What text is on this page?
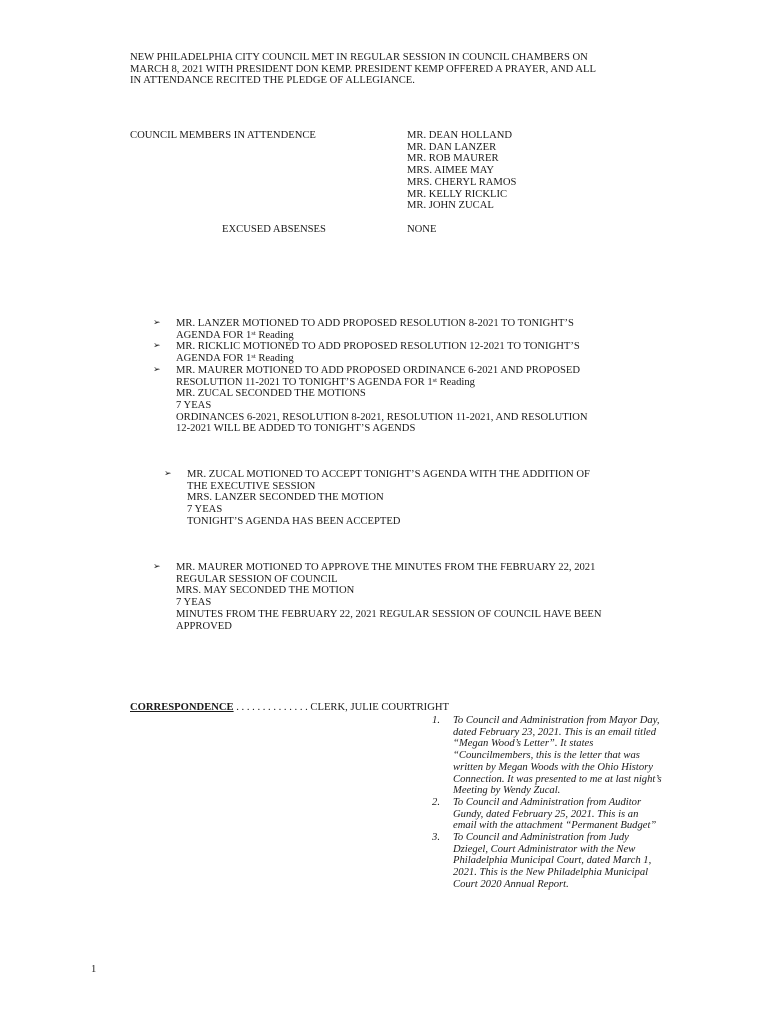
NEW PHILADELPHIA CITY COUNCIL MET IN REGULAR SESSION IN COUNCIL CHAMBERS ON
MARCH 8, 2021 WITH PRESIDENT DON KEMP. PRESIDENT KEMP OFFERED A PRAYER, AND ALL
IN ATTENDANCE RECITED THE PLEDGE OF ALLEGIANCE.
COUNCIL MEMBERS IN ATTENDENCE	MR. DEAN HOLLAND
MR. DAN LANZER
MR. ROB MAURER
MRS. AIMEE MAY
MRS. CHERYL RAMOS
MR. KELLY RICKLIC
MR. JOHN ZUCAL
EXCUSED ABSENSES	NONE
➢
➢
➢
MR. LANZER MOTIONED TO ADD PROPOSED RESOLUTION 8-2021 TO TONIGHT’S
AGENDA FOR 1st Reading
MR. RICKLIC MOTIONED TO ADD PROPOSED RESOLUTION 12-2021 TO TONIGHT’S
AGENDA FOR 1st Reading
MR. MAURER MOTIONED TO ADD PROPOSED ORDINANCE 6-2021 AND PROPOSED
RESOLUTION 11-2021 TO TONIGHT’S AGENDA FOR 1st Reading
MR. ZUCAL SECONDED THE MOTIONS
7 YEAS
ORDINANCES 6-2021, RESOLUTION 8-2021, RESOLUTION 11-2021, AND RESOLUTION
12-2021 WILL BE ADDED TO TONIGHT’S AGENDS
➢ MR. ZUCAL MOTIONED TO ACCEPT TONIGHT’S AGENDA WITH THE ADDITION OF
THE EXECUTIVE SESSION
MRS. LANZER SECONDED THE MOTION
7 YEAS
TONIGHT’S AGENDA HAS BEEN ACCEPTED
➢ MR. MAURER MOTIONED TO APPROVE THE MINUTES FROM THE FEBRUARY 22, 2021
REGULAR SESSION OF COUNCIL
MRS. MAY SECONDED THE MOTION
7 YEAS
MINUTES FROM THE FEBRUARY 22, 2021 REGULAR SESSION OF COUNCIL HAVE BEEN
APPROVED
CORRESPONDENCE . . . . . . . . . . . . . . CLERK, JULIE COURTRIGHT
1. To Council and Administration from Mayor Day,
dated February 23, 2021. This is an email titled
“Megan Wood’s Letter”. It states
“Councilmembers, this is the letter that was
written by Megan Woods with the Ohio History
Connection. It was presented to me at last night’s
Meeting by Wendy Zucal.
2. To Council and Administration from Auditor
Gundy, dated February 25, 2021. This is an
email with the attachment “Permanent Budget”
3. To Council and Administration from Judy
Dziegel, Court Administrator with the New
Philadelphia Municipal Court, dated March 1,
2021. This is the New Philadelphia Municipal
Court 2020 Annual Report.
1
